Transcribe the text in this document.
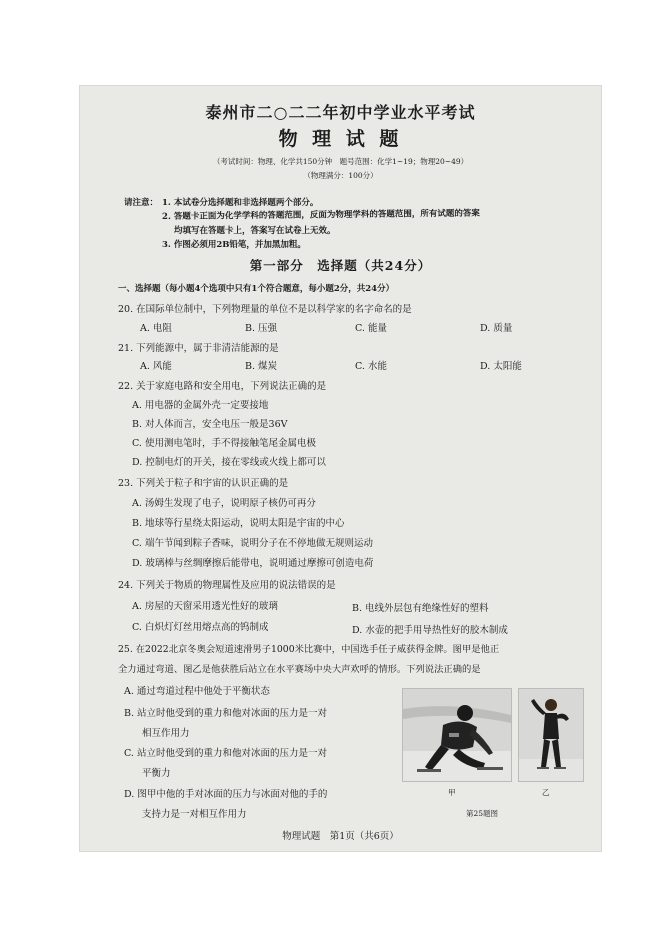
泰州市二○二二年初中学业水平考试
物 理 试 题
（考试时间：物理、化学共150分钟　题号范围：化学1~19；物理20~49）
（物理满分：100分）
请注意： 1. 本试卷分选择题和非选择题两个部分。
2. 答题卡正面为化学学科的答题范围，反面为物理学科的答题范围，所有试题的答案
均填写在答题卡上，答案写在试卷上无效。
3. 作图必须用2B铅笔，并加黑加粗。
第一部分　选择题（共24分）
一、选择题（每小题4个选项中只有1个符合题意，每小题2分，共24分）
20. 在国际单位制中，下列物理量的单位不是以科学家的名字命名的是
A. 电阻	B. 压强	C. 能量	D. 质量
21. 下列能源中，属于非清洁能源的是
A. 风能	B. 煤炭	C. 水能	D. 太阳能
22. 关于家庭电路和安全用电，下列说法正确的是
A. 用电器的金属外壳一定要接地
B. 对人体而言，安全电压一般是36V
C. 使用测电笔时，手不得接触笔尾金属电极
D. 控制电灯的开关，接在零线或火线上都可以
23. 下列关于粒子和宇宙的认识正确的是
A. 汤姆生发现了电子，说明原子核仍可再分
B. 地球等行星绕太阳运动，说明太阳是宇宙的中心
C. 端午节闻到粽子香味，说明分子在不停地做无规则运动
D. 玻璃棒与丝绸摩擦后能带电，说明通过摩擦可创造电荷
24. 下列关于物质的物理属性及应用的说法错误的是
A. 房屋的天窗采用透光性好的玻璃	B. 电线外层包有绝缘性好的塑料
C. 白炽灯灯丝用熔点高的钨制成	D. 水壶的把手用导热性好的胶木制成
25. 在2022北京冬奥会短道速滑男子1000米比赛中，中国选手任子威获得金牌。图甲是他正
全力通过弯道、图乙是他获胜后站立在水平赛场中央大声欢呼的情形。下列说法正确的是
A. 通过弯道过程中他处于平衡状态
B. 站立时他受到的重力和他对冰面的压力是一对
相互作用力
C. 站立时他受到的重力和他对冰面的压力是一对
平衡力
D. 图甲中他的手对冰面的压力与冰面对他的手的
支持力是一对相互作用力
甲	乙
第25题图
物理试题　第1页（共6页）
